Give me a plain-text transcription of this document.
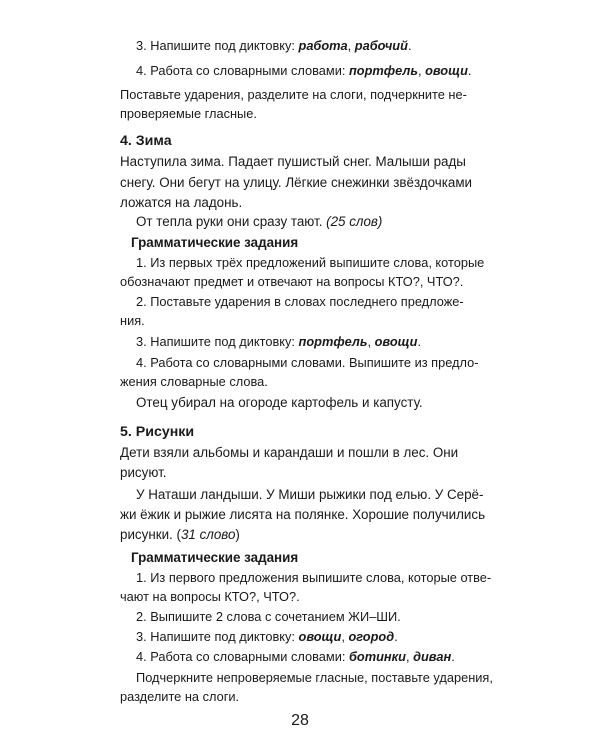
3. Напишите под диктовку: работа, рабочий.
4. Работа со словарными словами: портфель, овощи.
Поставьте ударения, разделите на слоги, подчеркните не-
проверяемые гласные.
4. Зима
Наступила зима. Падает пушистый снег. Малыши рады
снегу. Они бегут на улицу. Лёгкие снежинки звёздочками
ложатся на ладонь.
От тепла руки они сразу тают. (25 слов)
Грамматические задания
1. Из первых трёх предложений выпишите слова, которые
обозначают предмет и отвечают на вопросы КТО?, ЧТО?.
2. Поставьте ударения в словах последнего предложе-
ния.
3. Напишите под диктовку: портфель, овощи.
4. Работа со словарными словами. Выпишите из предло-
жения словарные слова.
Отец убирал на огороде картофель и капусту.
5. Рисунки
Дети взяли альбомы и карандаши и пошли в лес. Они
рисуют.
У Наташи ландыши. У Миши рыжики под елью. У Серё-
жи ёжик и рыжие лисята на полянке. Хорошие получились
рисунки. (31 слово)
Грамматические задания
1. Из первого предложения выпишите слова, которые отве-
чают на вопросы КТО?, ЧТО?.
2. Выпишите 2 слова с сочетанием ЖИ–ШИ.
3. Напишите под диктовку: овощи, огород.
4. Работа со словарными словами: ботинки, диван.
Подчеркните непроверяемые гласные, поставьте ударения,
разделите на слоги.
28
